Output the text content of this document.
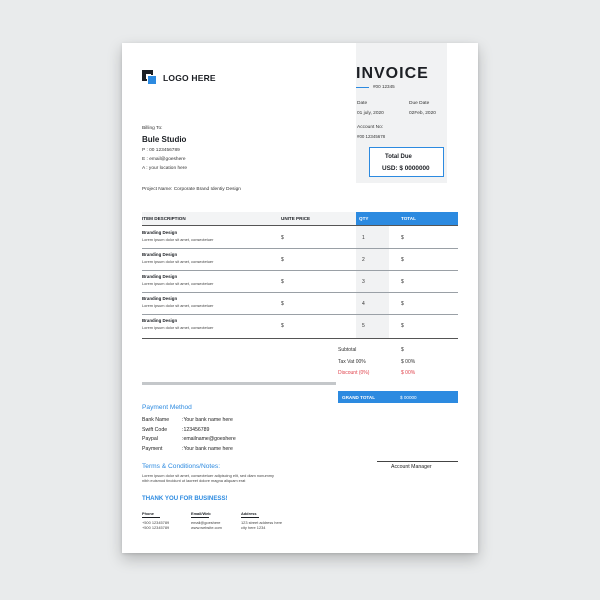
LOGO HERE	INVOICE
#00 12345
Date
01 july, 2020
Due Date
02Feb, 2020
Account No:
#00 12345678
Total Due
USD: $ 0000000
Billing To:
Bule Studio
P : 00 123456789
E : email@goeshere
A : your location here
Project Name: Corporate Brand Identiy Design
ITEM DESCRIPTION	UNITE PRICE	QTY	TOTAL
Branding Design
Lorem ipsum dolor sit amet, consectetuer	$	1	$
Branding Design
Lorem ipsum dolor sit amet, consectetuer	$	2	$
Branding Design
Lorem ipsum dolor sit amet, consectetuer	$	3	$
Branding Design
Lorem ipsum dolor sit amet, consectetuer	$	4	$
Branding Design
Lorem ipsum dolor sit amet, consectetuer	$	5	$
Subtotal	$
Tax Vat 00%	$ 00%
Discount (0%)	$ 00%
GRAND TOTAL	$ 00000
Payment Method
Bank Name :Your bank name here
Swift Code	:123456789
Paypal	:emailname@goeshere
Payment	:Your bank name here
Terms & Conditions/Notes:
Lorem ipsum dolor sit amet, consectetuer adipiscing elit, sed diam nonummy nibh euismod tincidunt ut laoreet dolore magna aliquam erat
THANK YOU FOR BUSINESS!
Account Manager
Phone
+500 12345789
+500 12345789
Email/Web
email@goeshere
www.website.com
Address
123 street address here
city here 1234
